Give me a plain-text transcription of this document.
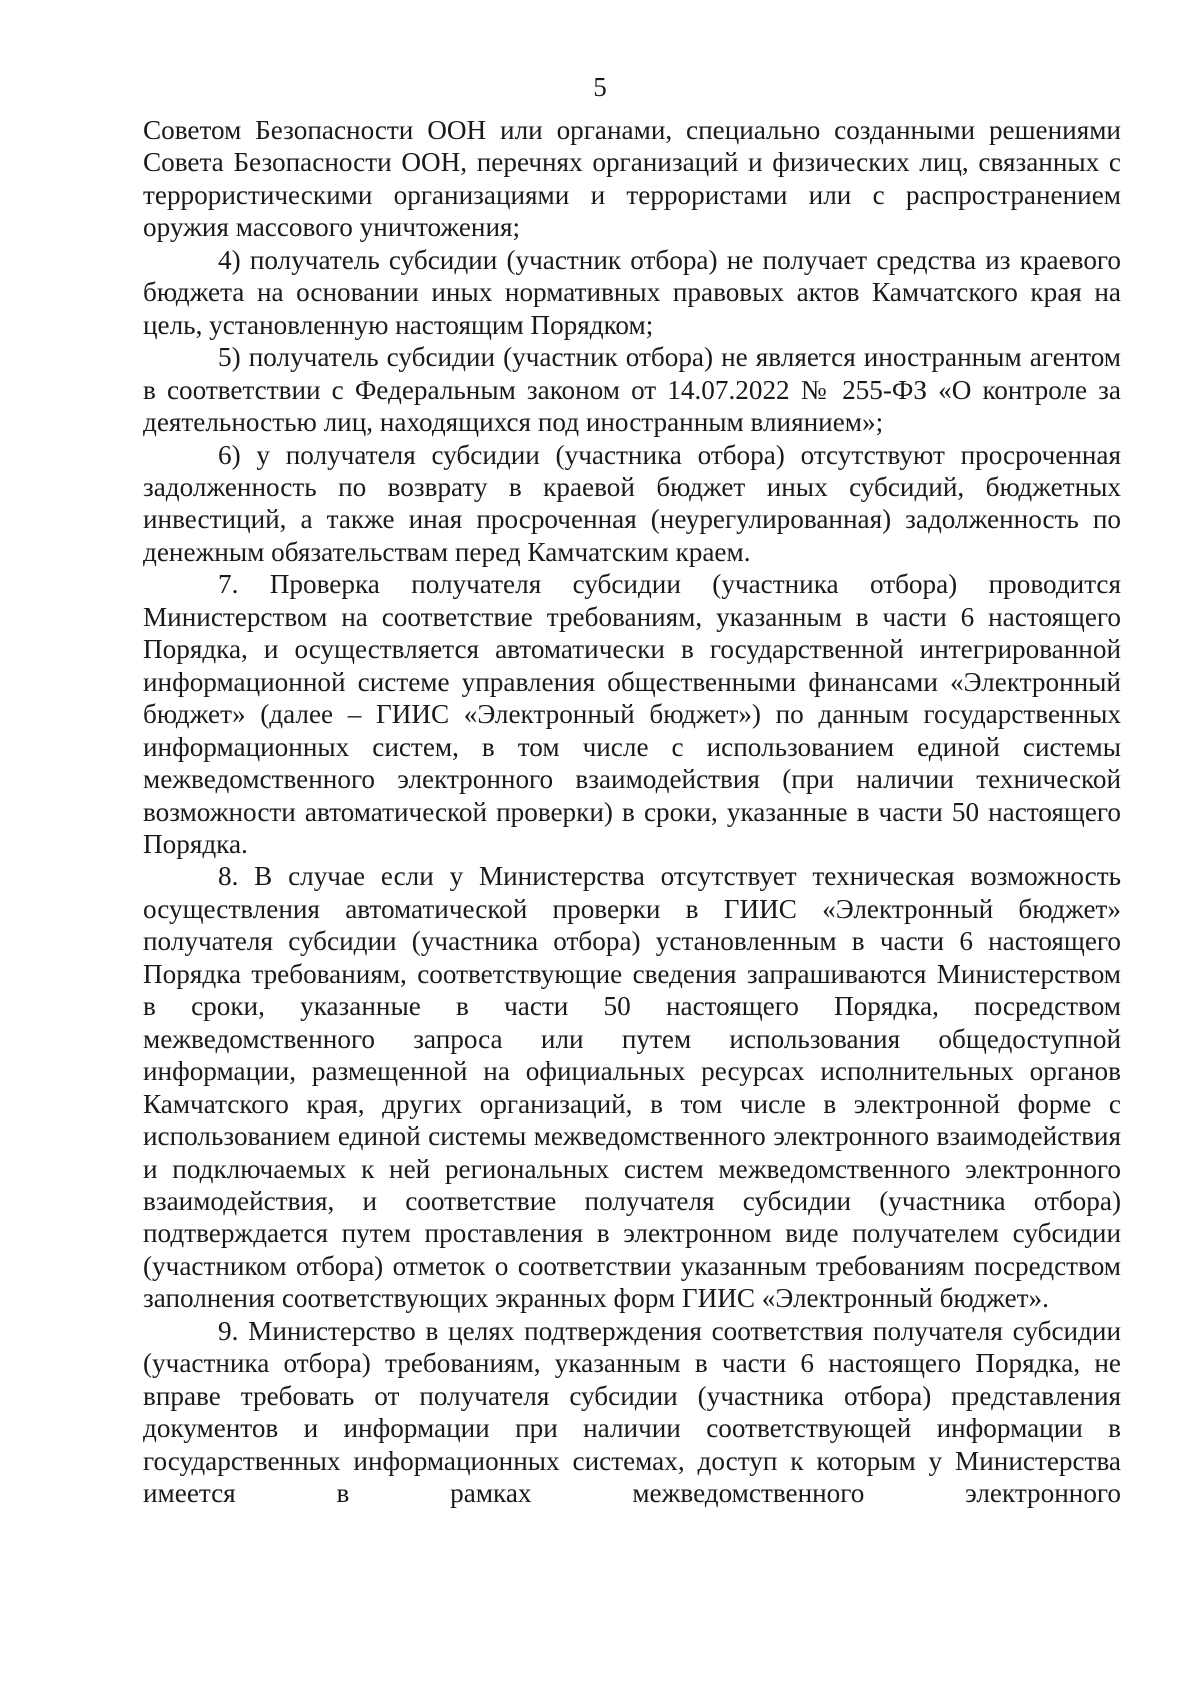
5

Советом Безопасности ООН или органами, специально созданными решениями Совета Безопасности ООН, перечнях организаций и физических лиц, связанных с террористическими организациями и террористами или с распространением оружия массового уничтожения;

4) получатель субсидии (участник отбора) не получает средства из краевого бюджета на основании иных нормативных правовых актов Камчатского края на цель, установленную настоящим Порядком;

5) получатель субсидии (участник отбора) не является иностранным агентом в соответствии с Федеральным законом от 14.07.2022 № 255-ФЗ «О контроле за деятельностью лиц, находящихся под иностранным влиянием»;

6) у получателя субсидии (участника отбора) отсутствуют просроченная задолженность по возврату в краевой бюджет иных субсидий, бюджетных инвестиций, а также иная просроченная (неурегулированная) задолженность по денежным обязательствам перед Камчатским краем.

7. Проверка получателя субсидии (участника отбора) проводится Министерством на соответствие требованиям, указанным в части 6 настоящего Порядка, и осуществляется автоматически в государственной интегрированной информационной системе управления общественными финансами «Электронный бюджет» (далее – ГИИС «Электронный бюджет») по данным государственных информационных систем, в том числе с использованием единой системы межведомственного электронного взаимодействия (при наличии технической возможности автоматической проверки) в сроки, указанные в части 50 настоящего Порядка.

8. В случае если у Министерства отсутствует техническая возможность осуществления автоматической проверки в ГИИС «Электронный бюджет» получателя субсидии (участника отбора) установленным в части 6 настоящего Порядка требованиям, соответствующие сведения запрашиваются Министерством в сроки, указанные в части 50 настоящего Порядка, посредством межведомственного запроса или путем использования общедоступной информации, размещенной на официальных ресурсах исполнительных органов Камчатского края, других организаций, в том числе в электронной форме с использованием единой системы межведомственного электронного взаимодействия и подключаемых к ней региональных систем межведомственного электронного взаимодействия, и соответствие получателя субсидии (участника отбора) подтверждается путем проставления в электронном виде получателем субсидии (участником отбора) отметок о соответствии указанным требованиям посредством заполнения соответствующих экранных форм ГИИС «Электронный бюджет».

9. Министерство в целях подтверждения соответствия получателя субсидии (участника отбора) требованиям, указанным в части 6 настоящего Порядка, не вправе требовать от получателя субсидии (участника отбора) представления документов и информации при наличии соответствующей информации в государственных информационных системах, доступ к которым у Министерства имеется в рамках межведомственного электронного
